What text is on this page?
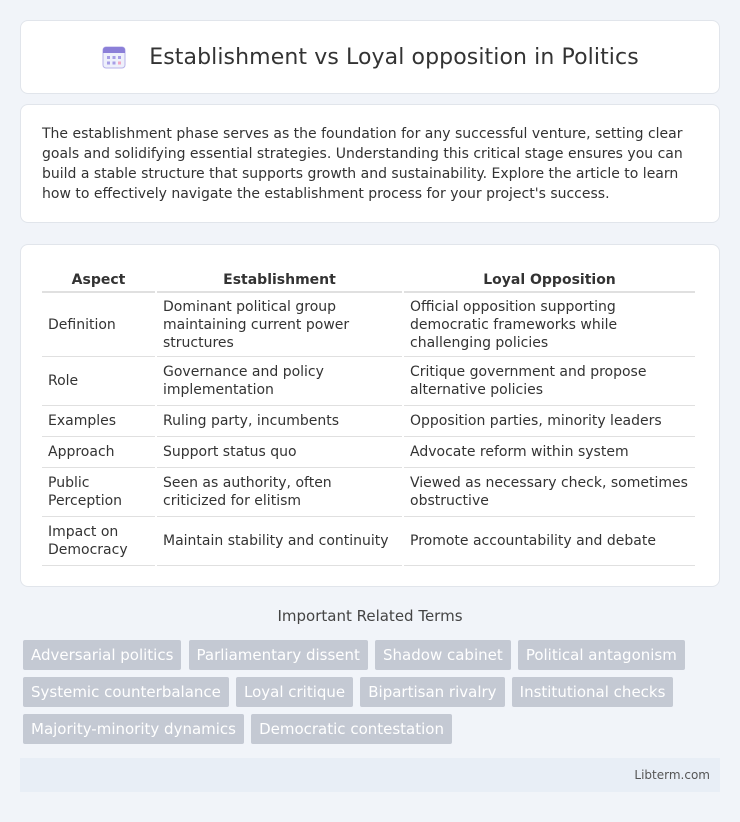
Establishment vs Loyal opposition in Politics

The establishment phase serves as the foundation for any successful venture, setting clear goals and solidifying essential strategies. Understanding this critical stage ensures you can build a stable structure that supports growth and sustainability. Explore the article to learn how to effectively navigate the establishment process for your project's success.

Aspect	Establishment	Loyal Opposition
Definition	Dominant political group maintaining current power structures	Official opposition supporting democratic frameworks while challenging policies
Role	Governance and policy implementation	Critique government and propose alternative policies
Examples	Ruling party, incumbents	Opposition parties, minority leaders
Approach	Support status quo	Advocate reform within system
Public Perception	Seen as authority, often criticized for elitism	Viewed as necessary check, sometimes obstructive
Impact on Democracy	Maintain stability and continuity	Promote accountability and debate
Important Related Terms
Adversarial politics Parliamentary dissent Shadow cabinet Political antagonism Systemic counterbalance Loyal critique Bipartisan rivalry Institutional checks Majority-minority dynamics Democratic contestation
Libterm.com
